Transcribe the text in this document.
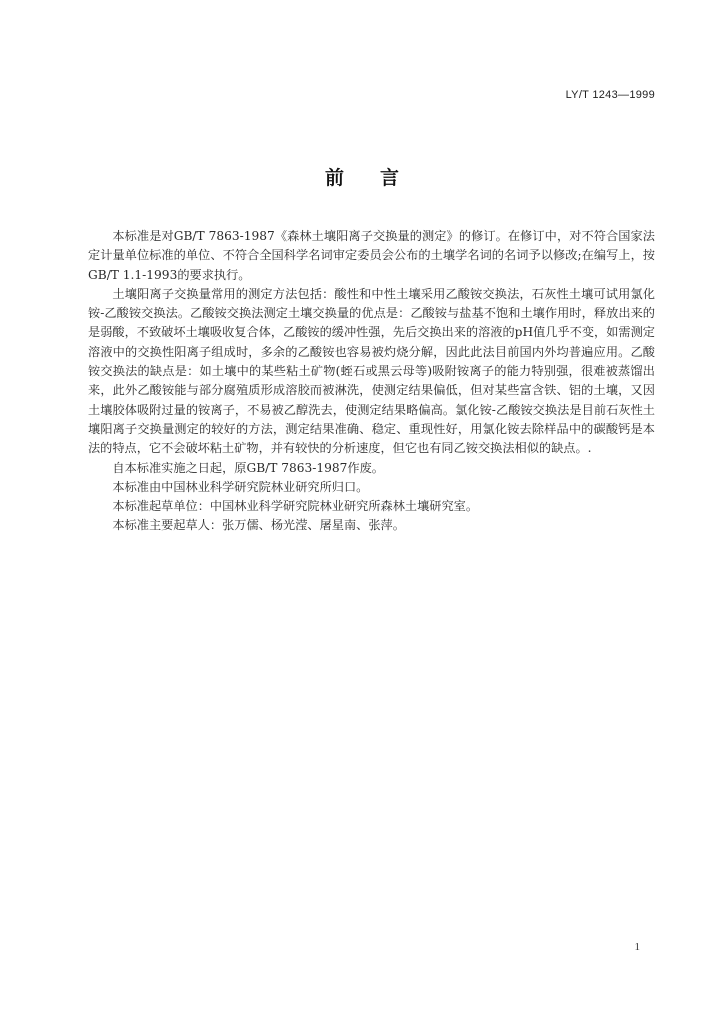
LY/T 1243—1999
前言

本标准是对GB/T 7863-1987《森林土壤阳离子交换量的测定》的修订。在修订中，对不符合国家法定计量单位标准的单位、不符合全国科学名词审定委员会公布的土壤学名词的名词予以修改;在编写上，按GB/T 1.1-1993的要求执行。

土壤阳离子交换量常用的测定方法包括：酸性和中性土壤采用乙酸铵交换法，石灰性土壤可试用氯化铵-乙酸铵交换法。乙酸铵交换法测定土壤交换量的优点是：乙酸铵与盐基不饱和土壤作用时，释放出来的是弱酸，不致破坏土壤吸收复合体，乙酸铵的缓冲性强，先后交换出来的溶液的pH值几乎不变，如需测定溶液中的交换性阳离子组成时，多余的乙酸铵也容易被灼烧分解，因此此法目前国内外均普遍应用。乙酸铵交换法的缺点是：如土壤中的某些粘土矿物(蛭石或黑云母等)吸附铵离子的能力特别强，很难被蒸馏出来，此外乙酸铵能与部分腐殖质形成溶胶而被淋洗，使测定结果偏低，但对某些富含铁、铝的土壤，又因土壤胶体吸附过量的铵离子，不易被乙醇洗去，使测定结果略偏高。氯化铵-乙酸铵交换法是目前石灰性土壤阳离子交换量测定的较好的方法，测定结果准确、稳定、重现性好，用氯化铵去除样品中的碳酸钙是本法的特点，它不会破坏粘土矿物，并有较快的分析速度，但它也有同乙铵交换法相似的缺点。.

自本标准实施之日起，原GB/T 7863-1987作废。

本标准由中国林业科学研究院林业研究所归口。

本标准起草单位：中国林业科学研究院林业研究所森林土壤研究室。

本标准主要起草人：张万儒、杨光滢、屠星南、张萍。

1
